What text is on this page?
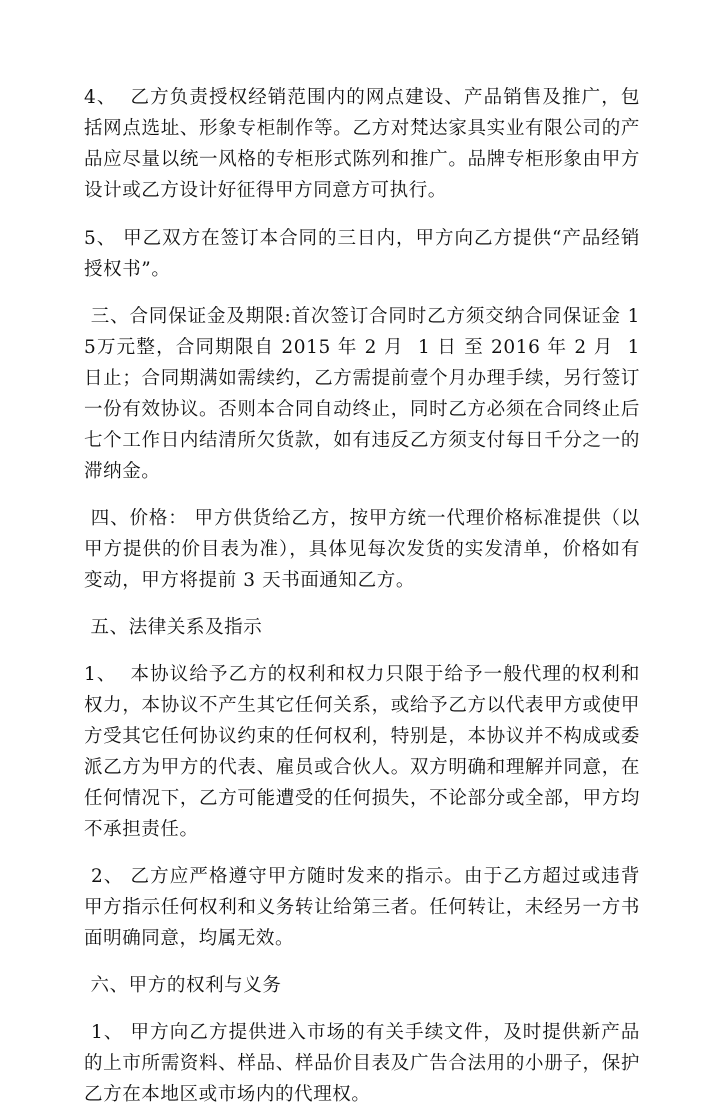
4、  乙方负责授权经销范围内的网点建设、产品销售及推广，包括网点选址、形象专柜制作等。乙方对梵达家具实业有限公司的产品应尽量以统一风格的专柜形式陈列和推广。品牌专柜形象由甲方设计或乙方设计好征得甲方同意方可执行。

5、 甲乙双方在签订本合同的三日内，甲方向乙方提供“产品经销授权书”。

三、合同保证金及期限:首次签订合同时乙方须交纳合同保证金 15万元整，合同期限自 2015 年 2 月  1 日 至 2016 年 2 月  1 日止；合同期满如需续约，乙方需提前壹个月办理手续，另行签订一份有效协议。否则本合同自动终止，同时乙方必须在合同终止后七个工作日内结清所欠货款，如有违反乙方须支付每日千分之一的滞纳金。

四、价格： 甲方供货给乙方，按甲方统一代理价格标准提供（以甲方提供的价目表为准），具体见每次发货的实发清单，价格如有变动，甲方将提前 3 天书面通知乙方。

五、法律关系及指示

1、  本协议给予乙方的权利和权力只限于给予一般代理的权利和权力，本协议不产生其它任何关系，或给予乙方以代表甲方或使甲方受其它任何协议约束的任何权利，特别是，本协议并不构成或委派乙方为甲方的代表、雇员或合伙人。双方明确和理解并同意，在任何情况下，乙方可能遭受的任何损失，不论部分或全部，甲方均不承担责任。

2、 乙方应严格遵守甲方随时发来的指示。由于乙方超过或违背甲方指示任何权利和义务转让给第三者。任何转让，未经另一方书面明确同意，均属无效。

六、甲方的权利与义务

1、 甲方向乙方提供进入市场的有关手续文件，及时提供新产品的上市所需资料、样品、样品价目表及广告合法用的小册子，保护乙方在本地区或市场内的代理权。
